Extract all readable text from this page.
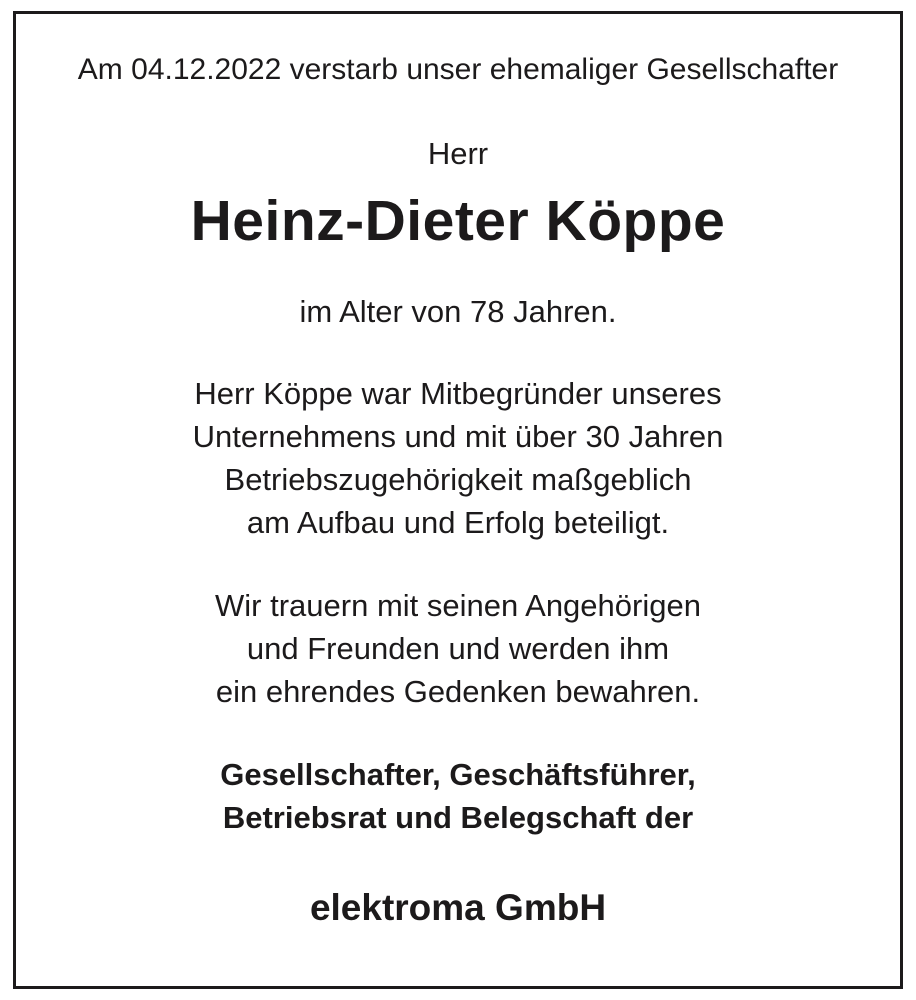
Am 04.12.2022 verstarb unser ehemaliger Gesellschafter

Herr

Heinz-Dieter Köppe

im Alter von 78 Jahren.

Herr Köppe war Mitbegründer unseres

Unternehmens und mit über 30 Jahren

Betriebszugehörigkeit maßgeblich

am Aufbau und Erfolg beteiligt.

Wir trauern mit seinen Angehörigen

und Freunden und werden ihm

ein ehrendes Gedenken bewahren.

Gesellschafter, Geschäftsführer,

Betriebsrat und Belegschaft der

elektroma GmbH
